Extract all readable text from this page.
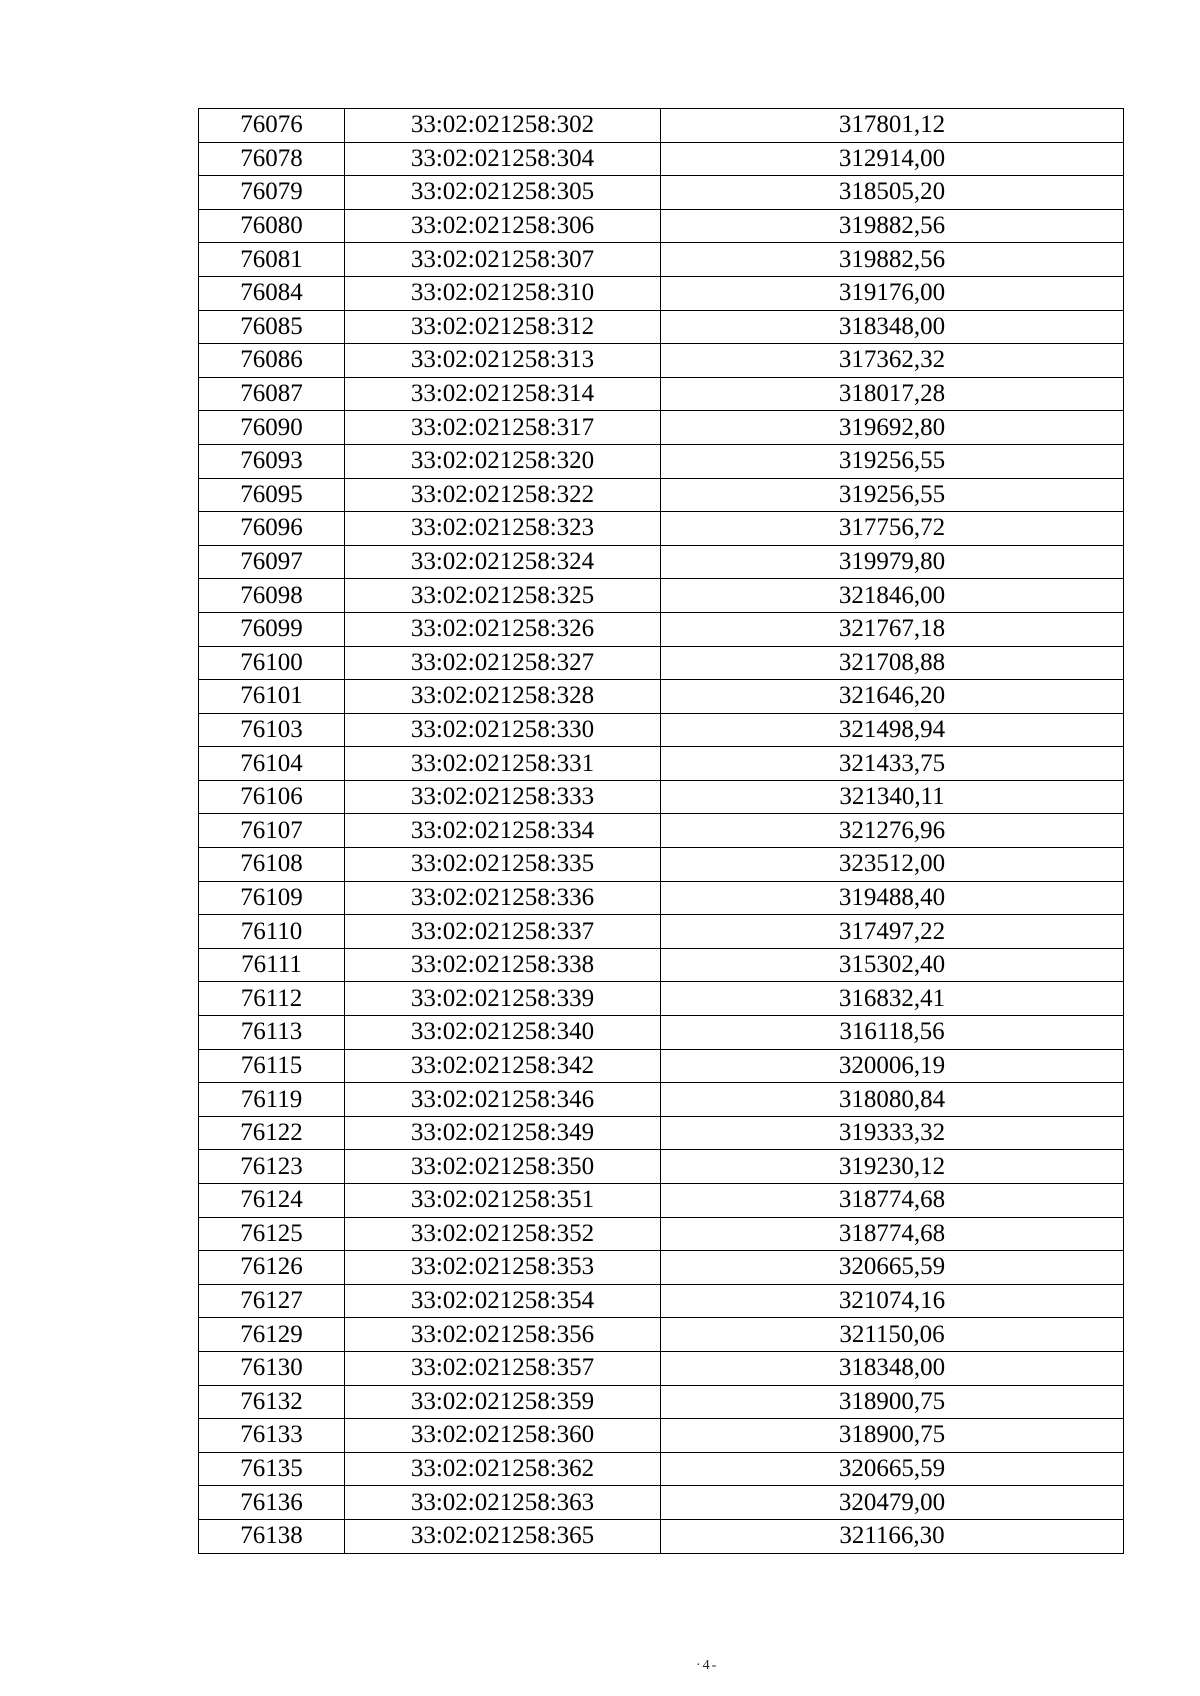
76076	33:02:021258:302	317801,12
76078	33:02:021258:304	312914,00
76079	33:02:021258:305	318505,20
76080	33:02:021258:306	319882,56
76081	33:02:021258:307	319882,56
76084	33:02:021258:310	319176,00
76085	33:02:021258:312	318348,00
76086	33:02:021258:313	317362,32
76087	33:02:021258:314	318017,28
76090	33:02:021258:317	319692,80
76093	33:02:021258:320	319256,55
76095	33:02:021258:322	319256,55
76096	33:02:021258:323	317756,72
76097	33:02:021258:324	319979,80
76098	33:02:021258:325	321846,00
76099	33:02:021258:326	321767,18
76100	33:02:021258:327	321708,88
76101	33:02:021258:328	321646,20
76103	33:02:021258:330	321498,94
76104	33:02:021258:331	321433,75
76106	33:02:021258:333	321340,11
76107	33:02:021258:334	321276,96
76108	33:02:021258:335	323512,00
76109	33:02:021258:336	319488,40
76110	33:02:021258:337	317497,22
76111	33:02:021258:338	315302,40
76112	33:02:021258:339	316832,41
76113	33:02:021258:340	316118,56
76115	33:02:021258:342	320006,19
76119	33:02:021258:346	318080,84
76122	33:02:021258:349	319333,32
76123	33:02:021258:350	319230,12
76124	33:02:021258:351	318774,68
76125	33:02:021258:352	318774,68
76126	33:02:021258:353	320665,59
76127	33:02:021258:354	321074,16
76129	33:02:021258:356	321150,06
76130	33:02:021258:357	318348,00
76132	33:02:021258:359	318900,75
76133	33:02:021258:360	318900,75
76135	33:02:021258:362	320665,59
76136	33:02:021258:363	320479,00
76138	33:02:021258:365	321166,30
·4-
